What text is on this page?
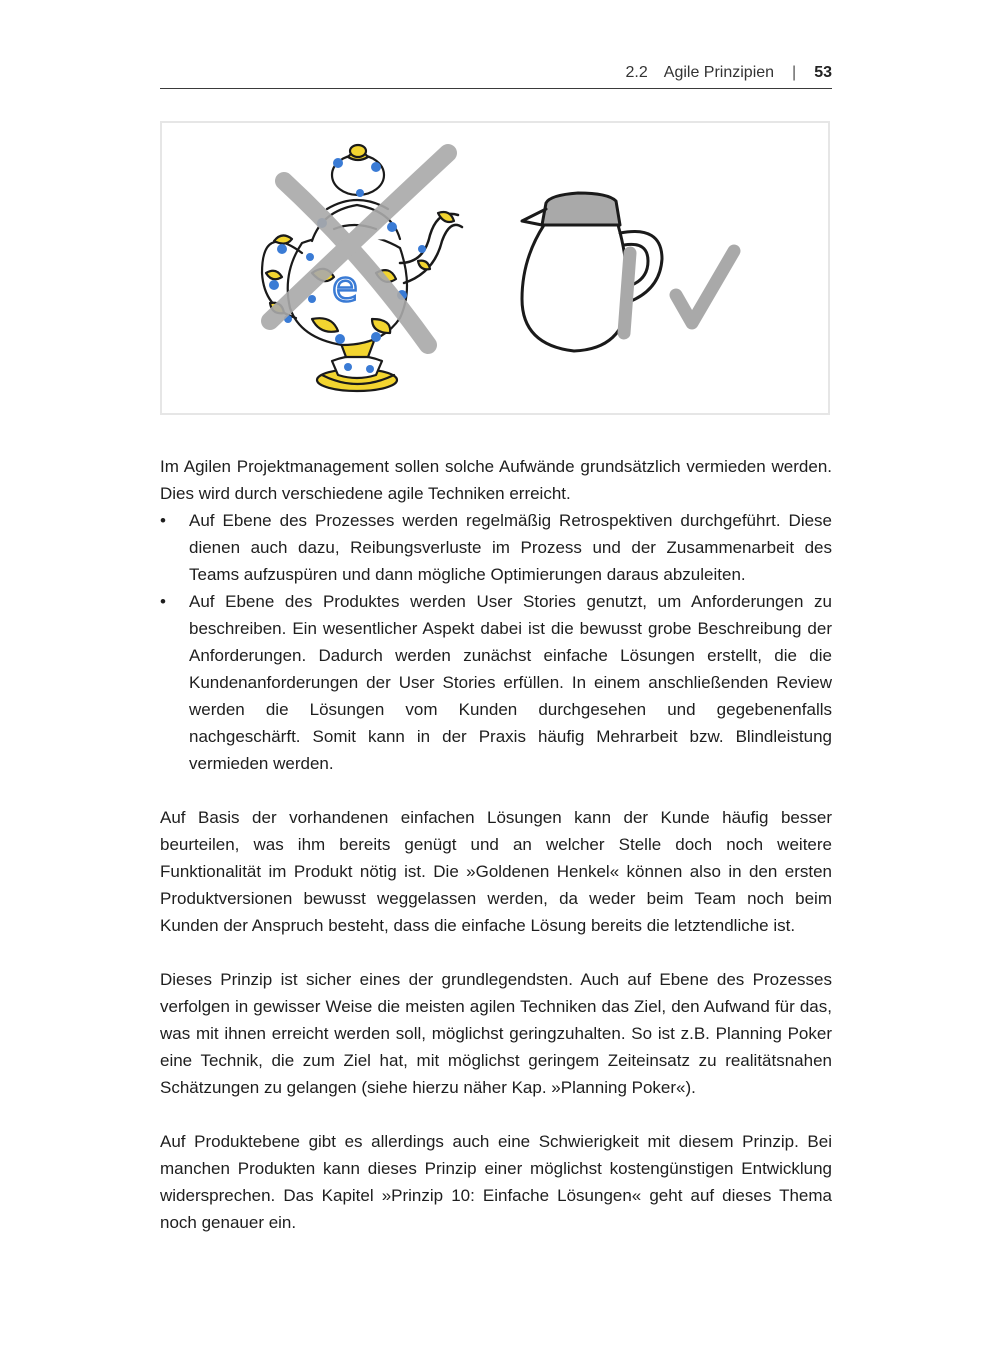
2.2 Agile Prinzipien | 53
e

Im Agilen Projektmanagement sollen solche Aufwände grundsätzlich vermieden werden. Dies wird durch verschiedene agile Techniken erreicht.

• Auf Ebene des Prozesses werden regelmäßig Retrospektiven durchgeführt. Diese dienen auch dazu, Reibungsverluste im Prozess und der Zusammenarbeit des Teams aufzuspüren und dann mögliche Optimierungen daraus abzuleiten.
• Auf Ebene des Produktes werden User Stories genutzt, um Anforderungen zu beschreiben. Ein wesentlicher Aspekt dabei ist die bewusst grobe Beschreibung der Anforderungen. Dadurch werden zunächst einfache Lösungen erstellt, die die Kundenanforderungen der User Stories erfüllen. In einem anschließenden Review werden die Lösungen vom Kunden durchgesehen und gegebenenfalls nachgeschärft. Somit kann in der Praxis häufig Mehrarbeit bzw. Blindleistung vermieden werden.

Auf Basis der vorhandenen einfachen Lösungen kann der Kunde häufig besser beurteilen, was ihm bereits genügt und an welcher Stelle doch noch weitere Funktionalität im Produkt nötig ist. Die »Goldenen Henkel« können also in den ersten Produktversionen bewusst weggelassen werden, da weder beim Team noch beim Kunden der Anspruch besteht, dass die einfache Lösung bereits die letztendliche ist.

Dieses Prinzip ist sicher eines der grundlegendsten. Auch auf Ebene des Prozesses verfolgen in gewisser Weise die meisten agilen Techniken das Ziel, den Aufwand für das, was mit ihnen erreicht werden soll, möglichst geringzuhalten. So ist z.B. Planning Poker eine Technik, die zum Ziel hat, mit möglichst geringem Zeiteinsatz zu realitätsnahen Schätzungen zu gelangen (siehe hierzu näher Kap. »Planning Poker«).

Auf Produktebene gibt es allerdings auch eine Schwierigkeit mit diesem Prinzip. Bei manchen Produkten kann dieses Prinzip einer möglichst kostengünstigen Entwicklung widersprechen. Das Kapitel »Prinzip 10: Einfache Lösungen« geht auf dieses Thema noch genauer ein.
